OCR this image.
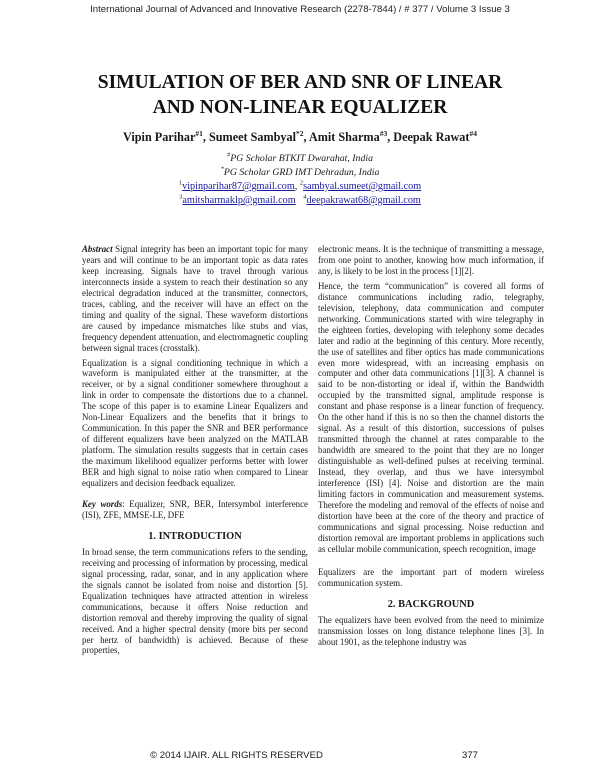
International Journal of Advanced and Innovative Research (2278-7844) / # 377 / Volume 3 Issue 3
SIMULATION OF BER AND SNR OF LINEAR
AND NON-LINEAR EQUALIZER
Vipin Parihar$^{\#1}$, Sumeet Sambyal$^{*2}$, Amit Sharma$^{\#3}$, Deepak Rawat$^{\#4}$
#PG Scholar BTKIT Dwarahat, India
*PG Scholar GRD IMT Dehradun, India
$^1$vipinparihar87@gmail.com, $^2$sambyal.sumeet@gmail.com
$^3$amitsharmaklp@gmail.com $^4$deepakrawat68@gmail.com

Abstract Signal integrity has been an important topic for many years and will continue to be an important topic as data rates keep increasing. Signals have to travel through various interconnects inside a system to reach their destination so any electrical degradation induced at the transmitter, connectors, traces, cabling, and the receiver will have an effect on the timing and quality of the signal. These waveform distortions are caused by impedance mismatches like stubs and vias, frequency dependent attenuation, and electromagnetic coupling between signal traces (crosstalk).

Equalization is a signal conditioning technique in which a waveform is manipulated either at the transmitter, at the receiver, or by a signal conditioner somewhere throughout a link in order to compensate the distortions due to a channel. The scope of this paper is to examine Linear Equalizers and Non-Linear Equalizers and the benefits that it brings to Communication. In this paper the SNR and BER performance of different equalizers have been analyzed on the MATLAB platform. The simulation results suggests that in certain cases the maximum likelihood equalizer performs better with lower BER and high signal to noise ratio when compared to Linear equalizers and decision feedback equalizer.

Key words: Equalizer, SNR, BER, Intersymbol interference (ISI), ZFE, MMSE-LE, DFE

1. INTRODUCTION

In broad sense, the term communications refers to the sending, receiving and processing of information by processing, medical signal processing, radar, sonar, and in any application where the signals cannot be isolated from noise and distortion [5]. Equalization techniques have attracted attention in wireless communications, because it offers Noise reduction and distortion removal and thereby improving the quality of signal received. And a higher spectral density (more bits per second per hertz of bandwidth) is achieved. Because of these properties,

electronic means. It is the technique of transmitting a message, from one point to another, knowing how much information, if any, is likely to be lost in the process [1][2].

Hence, the term “communication” is covered all forms of distance communications including radio, telegraphy, television, telephony, data communication and computer networking. Communications started with wire telegraphy in the eighteen forties, developing with telephony some decades later and radio at the beginning of this century. More recently, the use of satellites and fiber optics has made communications even more widespread, with an increasing emphasis on computer and other data communications [1][3]. A channel is said to be non-distorting or ideal if, within the Bandwidth occupied by the transmitted signal, amplitude response is constant and phase response is a linear function of frequency. On the other hand if this is no so then the channel distorts the signal. As a result of this distortion, successions of pulses transmitted through the channel at rates comparable to the bandwidth are smeared to the point that they are no longer distinguishable as well-defined pulses at receiving terminal. Instead, they overlap, and thus we have intersymbol interference (ISI) [4]. Noise and distortion are the main limiting factors in communication and measurement systems. Therefore the modeling and removal of the effects of noise and distortion have been at the core of the theory and practice of communications and signal processing. Noise reduction and distortion removal are important problems in applications such as cellular mobile communication, speech recognition, image

Equalizers are the important part of modern wireless communication system.

2. BACKGROUND

The equalizers have been evolved from the need to minimize transmission losses on long distance telephone lines [3]. In about 1901, as the telephone industry was

© 2014 IJAIR. ALL RIGHTS RESERVED	377
